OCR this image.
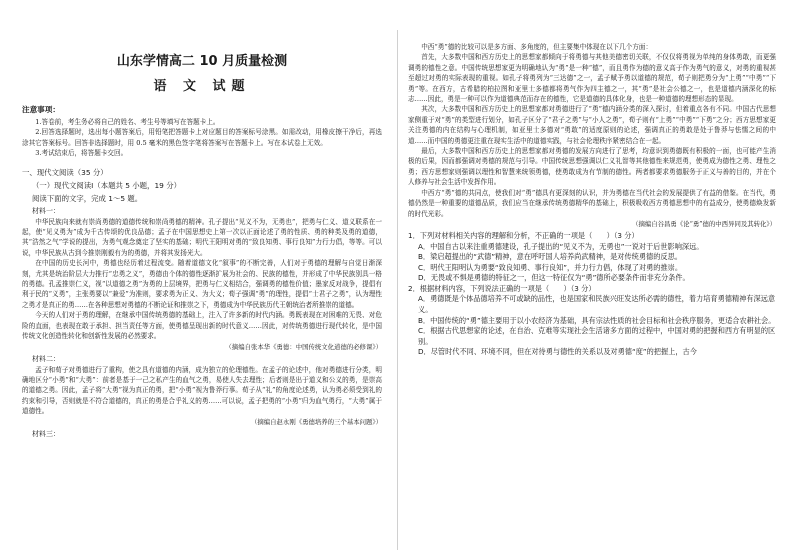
山东学情高二 10 月质量检测
语 文 试题
注意事项：

1.答卷前，考生务必将自己的姓名、考生号等填写在答题卡上。

2.回答选择题时，选出每小题答案后，用铅笔把答题卡上对应题目的答案标号涂黑。如需改动，用橡皮擦干净后，再选涂其它答案标号。回答非选择题时，用 0.5 毫米的黑色签字笔将答案写在答题卡上。写在本试卷上无效。

3.考试结束后，将答题卡交回。

一、现代文阅读（35 分）
（一）现代文阅读Ⅰ（本题共 5 小题，19 分）
阅读下面的文字，完成 1～5 题。
材料一：

中华民族向来就有崇尚勇德的道德传统和崇尚勇德的精神。孔子提出“见义不为，无勇也”，把勇与仁义、道义联系在一起，使“见义勇为”成为千古传颂的优良品德；孟子在中国思想史上第一次以正面论述了勇的性质、勇的种类及勇的道德，其“浩然之气”学说的提出，为勇气观念奠定了坚实的基础；明代王阳明对勇的“致良知勇、事行良知”力行力倡，等等。可以说，中华民族从古到今推崇刚毅有为的勇德，并将其发扬光大。

在中国的历史长河中，勇德也经历着过程流变。随着道德文化“叙事”的不断完善，人们对于勇德的理解与自觉日渐深刻，尤其是统治阶层大力推行“忠勇之义”，勇德由个体的德性逐渐扩展为社会的、民族的德性，并形成了中华民族别具一格的勇德。孔孟推崇仁义，视“以道德之勇”为勇的上层境界，把勇与仁义相结合，强调勇的德性价值；墨家反对战争，提倡有利于民的“义勇”，主张勇要以“兼爱”为准则，要求勇为正义、为大义；荀子强调“勇”的理性，提倡“士君子之勇”，认为理性之勇才是真正的勇……在各种思想对勇德的不断论证和推崇之下，勇德成为中华民族历代王朝统治者所推崇的道德。

今天的人们对于勇的理解，在继承中国传统勇德的基础上，注入了许多新的时代内涵。勇既表现在对困难的无畏、对危险的直面，也表现在敢于承担、担当责任等方面，使勇德呈现出新的时代意义……因此，对传统勇德进行现代转化，是中国传统文化创造性转化和创新性发展的必然要求。

（摘编自张本华《勇德：中国传统文化道德的必修课》）

材料二：

孟子和荀子对勇德进行了重构，使之具有道德的内涵，成为独立的伦理德性。在孟子的论述中，他对勇德进行分类，明确地区分“小勇”和“大勇”：前者是基于一己之私产生的血气之勇，易使人失去理性；后者则是出于道义和公义的勇，是崇高的道德之勇。因此，孟子将“大勇”视为真正的勇，把“小勇”视为鲁莽行事。荀子从“礼”的角度论述勇，认为勇必须受到礼的约束和引导，否则就是不符合道德的，真正的勇是合乎礼义的勇……可以说，孟子把勇的“小勇”归为血气勇行，“大勇”属于道德性。

（摘编自赵永刚《勇德培养的三个基本问题》）

材料三：

中西“勇”德的比较可以是多方面、多角度的，但主要集中体现在以下几个方面：

首先，大多数中国和西方历史上的思想家都倾向于将勇德与其他美德密切关联，不仅仅将勇视为单纯的身体勇敢，而更强调勇的德性之意。中国传统思想家更为明确地认为“勇”是一种“德”，而且勇作为德的意义高于作为勇气的意义，对勇的重视甚至超过对勇的实际表现的重视。如孔子将勇列为“三达德”之一，孟子赋予勇以道德的规范，荀子则把勇分为“上勇”“中勇”“下勇”等。在西方，古希腊的柏拉图和亚里士多德都将勇气作为四主德之一，其“勇”是社会公德之一，也是道德内涵深化的标志……因此，勇是一种可以作为道德典范而存在的德性，它是道德的具体化身，也是一种道德的理想形态的显现。

其次，大多数中国和西方历史上的思想家都对勇德进行了“勇”德内涵分类的深入探讨，但着重点各有不同。中国古代思想家侧重于对“勇”的类型进行划分，如孔子区分了“君子之勇”与“小人之勇”，荀子则有“上勇”“中勇”“下勇”之分；西方思想家更关注勇德的内在结构与心理机制，如亚里士多德对“勇敢”的适度原则的论述，强调真正的勇敢是处于鲁莽与怯懦之间的中道……而中国的勇德更注重在现实生活中的道德实践，与社会伦理秩序紧密结合在一起。

最后，大多数中国和西方历史上的思想家都对勇德的发展方向进行了思考，均意识到勇德既有积极的一面，也可能产生消极的后果，因而都强调对勇德的规范与引导。中国传统思想强调以仁义礼智等其他德性来规范勇，使勇成为德性之勇、理性之勇；西方思想家则强调以理性和智慧来统领勇德，使勇敢成为有节制的德性。两者都要求勇德服务于正义与善的目的，并在个人修养与社会生活中发挥作用。

中西方“勇”德的共同点，使我们对“勇”德具有更深刻的认识，并为勇德在当代社会的发展提供了有益的借鉴。在当代，勇德仍然是一种重要的道德品质，我们应当在继承传统勇德精华的基础上，积极吸收西方勇德思想中的有益成分，使勇德焕发新的时代光彩。

（摘编自谷昌勇《论“勇”德的中西异同及其转化》）

1．下列对材料相关内容的理解和分析，不正确的一项是（　　）（3 分）
A．中国自古以来注重勇德建设，孔子提出的“见义不为，无勇也”一说对于后世影响深远。
B．梁启超提出的“武德”精神，意在呼吁国人培养尚武精神，是对传统勇德的反思。
C．明代王阳明认为勇要“致良知勇、事行良知”，并力行力倡，体现了对勇的推崇。
D．无畏或不惧是勇德的特征之一，但这一特征仅为“勇”德所必要条件而非充分条件。
2．根据材料内容，下列说法正确的一项是（　　）（3 分）
A．勇德既是个体品德培养不可或缺的品性，也是国家和民族兴旺发达所必需的德性，着力培育勇德精神有深远意义。
B．中国传统的“勇”德主要用于以小农经济为基础，具有宗法性质的社会目标和社会秩序服务，更适合农耕社会。
C．根据古代思想家的论述，在自治、克难等实现社会生活诸多方面的过程中，中国对勇的把握和西方有明显的区别。
D．尽管时代不同、环境不同，但在对待勇与德性的关系以及对勇德“度”的把握上，古今
